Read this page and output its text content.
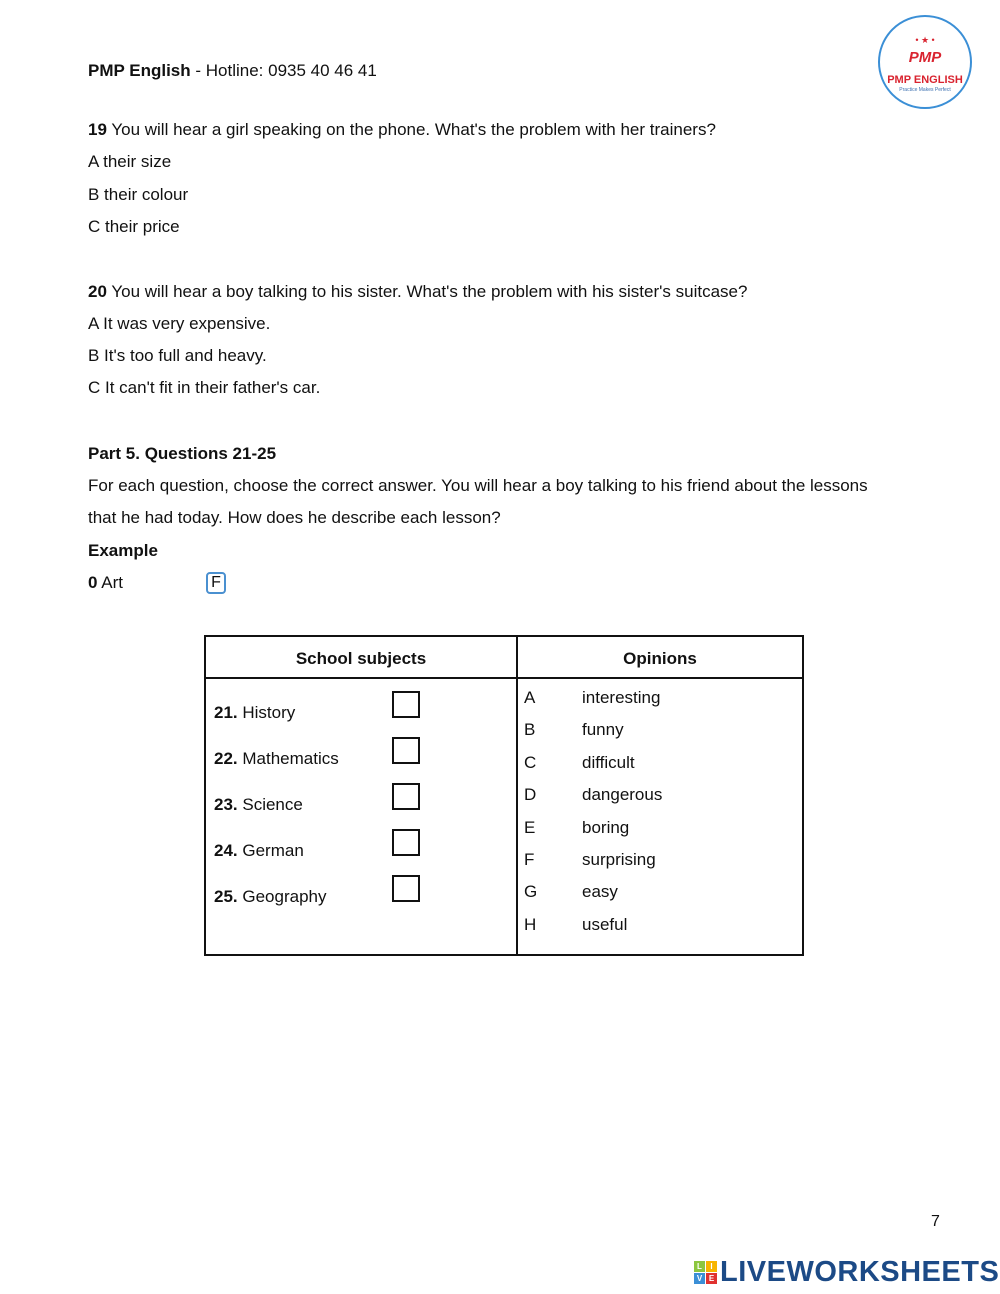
PMP English - Hotline: 0935 40 46 41
• ★ •
PMP
PMP ENGLISH
Practice Makes Perfect
19 You will hear a girl speaking on the phone. What's the problem with her trainers?
A their size
B their colour
C their price
20 You will hear a boy talking to his sister. What's the problem with his sister's suitcase?
A It was very expensive.
B It's too full and heavy.
C It can't fit in their father's car.
Part 5. Questions 21-25
For each question, choose the correct answer. You will hear a boy talking to his friend about the lessons
that he had today. How does he describe each lesson?
Example
0 Art	F
School subjects	Opinions
21. History
22. Mathematics
23. Science
24. German
25. Geography
A	interesting
B	funny
C	difficult
D	dangerous
E	boring
F	surprising
G	easy
H	useful
7
L	I
V E LIVEWORKSHEETS
